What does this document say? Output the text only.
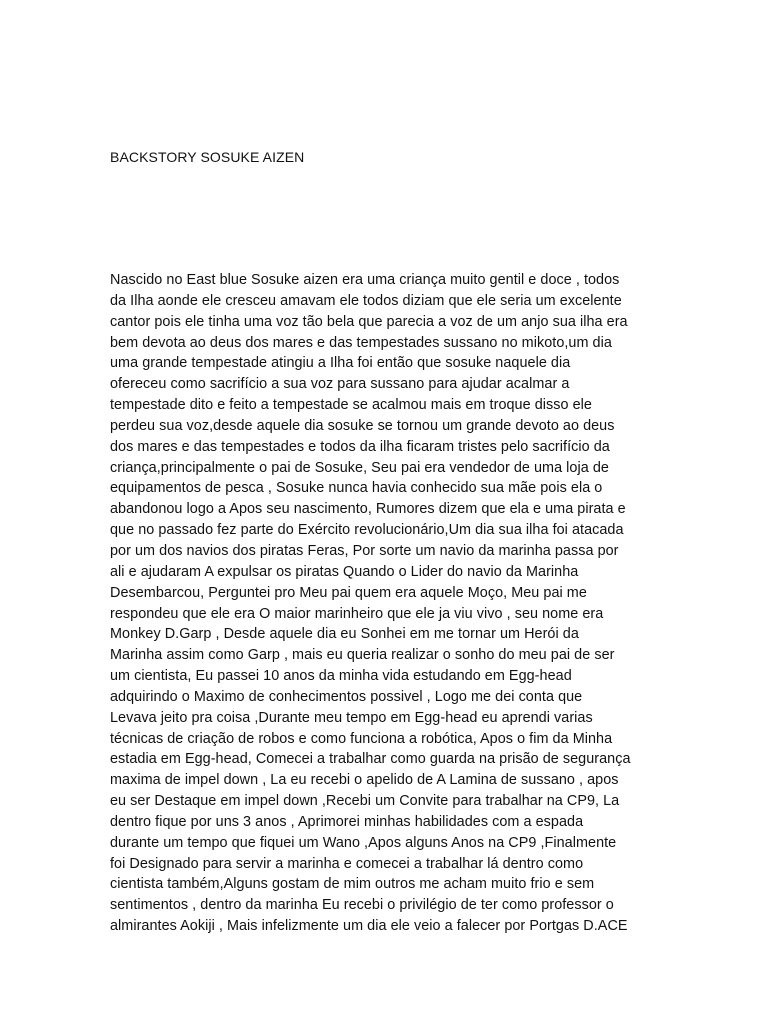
BACKSTORY SOSUKE AIZEN
Nascido no East blue Sosuke aizen era uma criança muito gentil e doce , todos
da Ilha aonde ele cresceu amavam ele todos diziam que ele seria um excelente
cantor pois ele tinha uma voz tão bela que parecia a voz de um anjo sua ilha era
bem devota ao deus dos mares e das tempestades sussano no mikoto,um dia
uma grande tempestade atingiu a Ilha foi então que sosuke naquele dia
ofereceu como sacrifício a sua voz para sussano para ajudar acalmar a
tempestade dito e feito a tempestade se acalmou mais em troque disso ele
perdeu sua voz,desde aquele dia sosuke se tornou um grande devoto ao deus
dos mares e das tempestades e todos da ilha ficaram tristes pelo sacrifício da
criança,principalmente o pai de Sosuke, Seu pai era vendedor de uma loja de
equipamentos de pesca , Sosuke nunca havia conhecido sua mãe pois ela o
abandonou logo a Apos seu nascimento, Rumores dizem que ela e uma pirata e
que no passado fez parte do Exército revolucionário,Um dia sua ilha foi atacada
por um dos navios dos piratas Feras, Por sorte um navio da marinha passa por
ali e ajudaram A expulsar os piratas Quando o Lider do navio da Marinha
Desembarcou, Perguntei pro Meu pai quem era aquele Moço, Meu pai me
respondeu que ele era O maior marinheiro que ele ja viu vivo , seu nome era
Monkey D.Garp , Desde aquele dia eu Sonhei em me tornar um Herói da
Marinha assim como Garp , mais eu queria realizar o sonho do meu pai de ser
um cientista, Eu passei 10 anos da minha vida estudando em Egg-head
adquirindo o Maximo de conhecimentos possivel , Logo me dei conta que
Levava jeito pra coisa ,Durante meu tempo em Egg-head eu aprendi varias
técnicas de criação de robos e como funciona a robótica, Apos o fim da Minha
estadia em Egg-head, Comecei a trabalhar como guarda na prisão de segurança
maxima de impel down , La eu recebi o apelido de A Lamina de sussano , apos
eu ser Destaque em impel down ,Recebi um Convite para trabalhar na CP9, La
dentro fique por uns 3 anos , Aprimorei minhas habilidades com a espada
durante um tempo que fiquei um Wano ,Apos alguns Anos na CP9 ,Finalmente
foi Designado para servir a marinha e comecei a trabalhar lá dentro como
cientista também,Alguns gostam de mim outros me acham muito frio e sem
sentimentos , dentro da marinha Eu recebi o privilégio de ter como professor o
almirantes Aokiji , Mais infelizmente um dia ele veio a falecer por Portgas D.ACE
